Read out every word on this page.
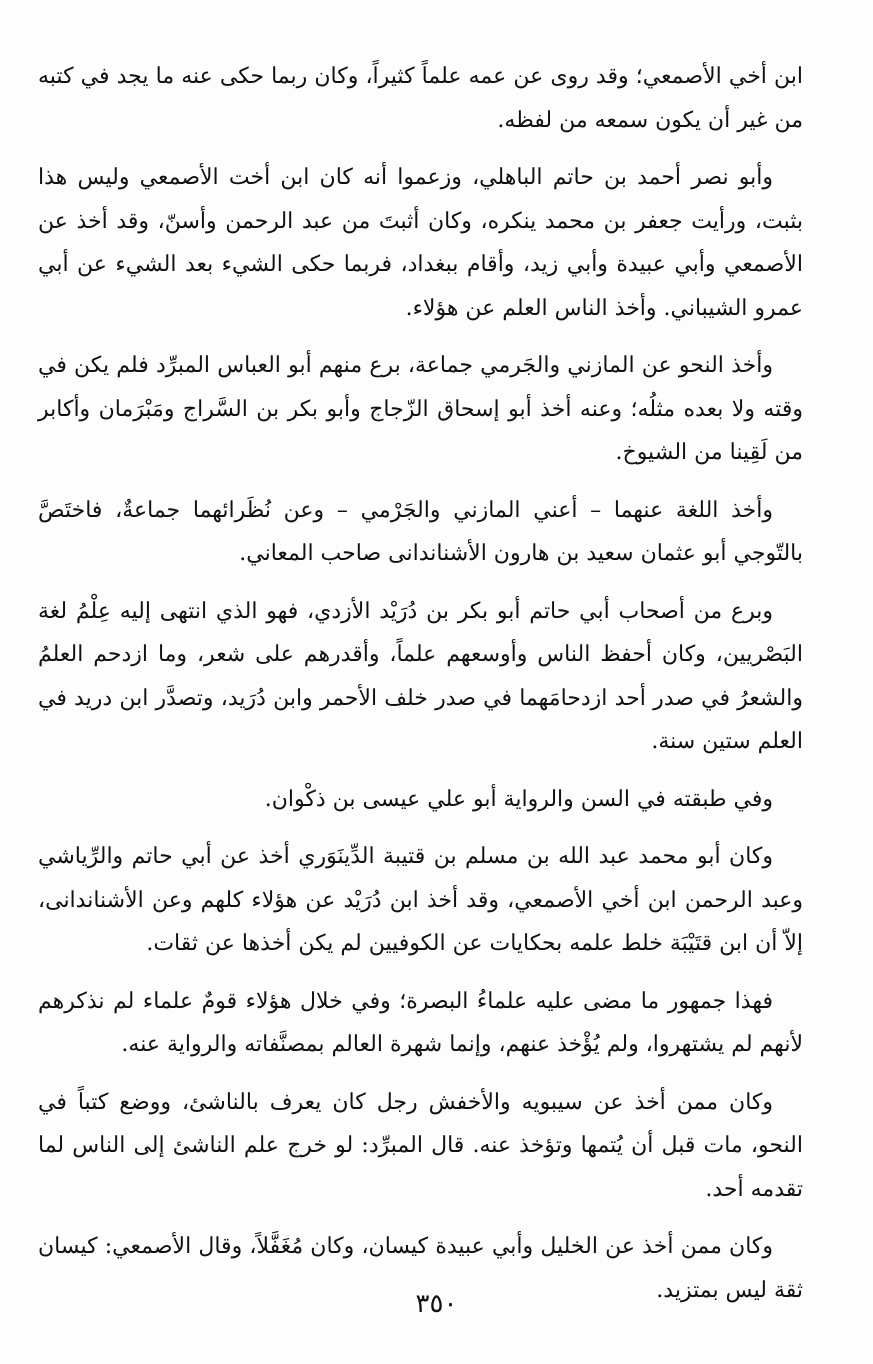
ابن أخي الأصمعي؛ وقد روى عن عمه علماً كثيراً، وكان ربما حكى عنه ما يجد في كتبه من غير أن يكون سمعه من لفظه.

وأبو نصر أحمد بن حاتم الباهلي، وزعموا أنه كان ابن أخت الأصمعي وليس هذا بثبت، ورأيت جعفر بن محمد ينكره، وكان أثبتَ من عبد الرحمن وأسنّ، وقد أخذ عن الأصمعي وأبي عبيدة وأبي زيد، وأقام ببغداد، فربما حكى الشيء بعد الشيء عن أبي عمرو الشيباني. وأخذ الناس العلم عن هؤلاء.

وأخذ النحو عن المازني والجَرمي جماعة، برع منهم أبو العباس المبرِّد فلم يكن في وقته ولا بعده مثلُه؛ وعنه أخذ أبو إسحاق الزّجاج وأبو بكر بن السَّراج ومَبْرَمان وأكابر من لَقِينا من الشيوخ.

وأخذ اللغة عنهما – أعني المازني والجَرْمي – وعن نُظَرائهما جماعةٌ، فاختَصَّ بالتّوجي أبو عثمان سعيد بن هارون الأشناندانى صاحب المعاني.

وبرع من أصحاب أبي حاتم أبو بكر بن دُرَيْد الأزدي، فهو الذي انتهى إليه عِلْمُ لغة البَصْريين، وكان أحفظ الناس وأوسعهم علماً، وأقدرهم على شعر، وما ازدحم العلمُ والشعرُ في صدر أحد ازدحامَهما في صدر خلف الأحمر وابن دُرَيد، وتصدَّر ابن دريد في العلم ستين سنة.

وفي طبقته في السن والرواية أبو علي عيسى بن ذكْوان.

وكان أبو محمد عبد الله بن مسلم بن قتيبة الدِّينَوَري أخذ عن أبي حاتم والرِّياشي وعبد الرحمن ابن أخي الأصمعي، وقد أخذ ابن دُرَيْد عن هؤلاء كلهم وعن الأشناندانى، إلاّ أن ابن قتَيْبَة خلط علمه بحكايات عن الكوفيين لم يكن أخذها عن ثقات.

فهذا جمهور ما مضى عليه علماءُ البصرة؛ وفي خلال هؤلاء قومٌ علماء لم نذكرهم لأنهم لم يشتهروا، ولم يُؤْخذ عنهم، وإنما شهرة العالم بمصنَّفاته والرواية عنه.

وكان ممن أخذ عن سيبويه والأخفش رجل كان يعرف بالناشئ، ووضع كتباً في النحو، مات قبل أن يُتمها وتؤخذ عنه. قال المبرِّد: لو خرج علم الناشئ إلى الناس لما تقدمه أحد.

وكان ممن أخذ عن الخليل وأبي عبيدة كيسان، وكان مُغَفَّلاً، وقال الأصمعي: كيسان ثقة ليس بمتزيد.

٣٥٠
